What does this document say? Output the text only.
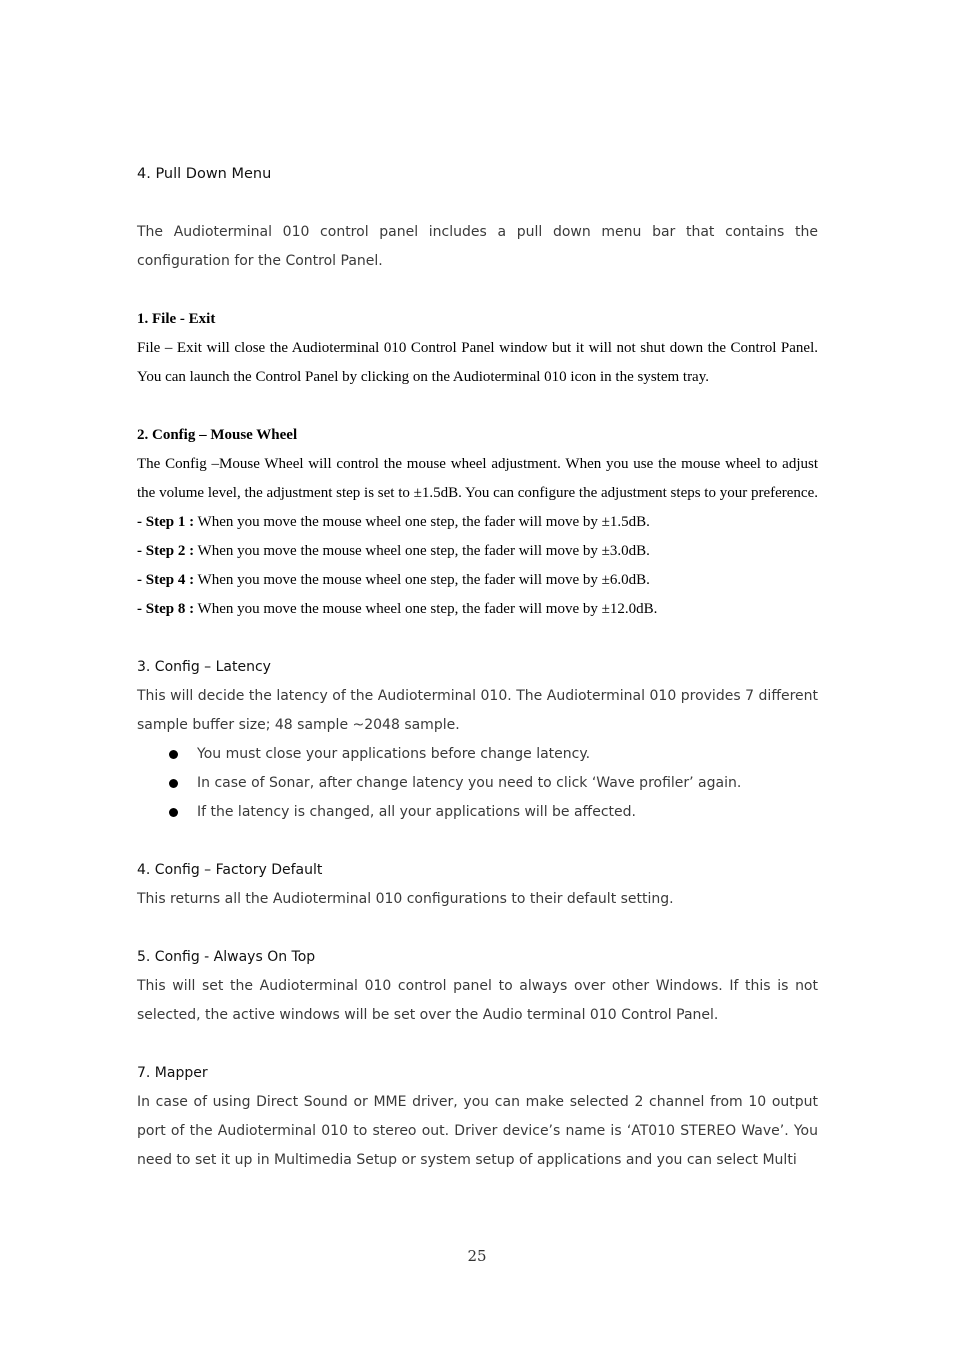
4. Pull Down Menu

The Audioterminal 010 control panel includes a pull down menu bar that contains the configuration for the Control Panel.

1. File - Exit

File – Exit will close the Audioterminal 010 Control Panel window but it will not shut down the Control Panel. You can launch the Control Panel by clicking on the Audioterminal 010 icon in the system tray.

2. Config – Mouse Wheel

The Config –Mouse Wheel will control the mouse wheel adjustment. When you use the mouse wheel to adjust the volume level, the adjustment step is set to ±1.5dB. You can configure the adjustment steps to your preference.

- Step 1 : When you move the mouse wheel one step, the fader will move by ±1.5dB.

- Step 2 : When you move the mouse wheel one step, the fader will move by ±3.0dB.

- Step 4 : When you move the mouse wheel one step, the fader will move by ±6.0dB.

- Step 8 : When you move the mouse wheel one step, the fader will move by ±12.0dB.

3. Config – Latency

This will decide the latency of the Audioterminal 010. The Audioterminal 010 provides 7 different sample buffer size; 48 sample ~2048 sample.

You must close your applications before change latency.
In case of Sonar, after change latency you need to click ‘Wave profiler’ again.
If the latency is changed, all your applications will be affected.

4. Config – Factory Default

This returns all the Audioterminal 010 configurations to their default setting.

5. Config - Always On Top

This will set the Audioterminal 010 control panel to always over other Windows. If this is not selected, the active windows will be set over the Audio terminal 010 Control Panel.

7. Mapper

In case of using Direct Sound or MME driver, you can make selected 2 channel from 10 output port of the Audioterminal 010 to stereo out. Driver device’s name is ‘AT010 STEREO Wave’. You need to set it up in Multimedia Setup or system setup of applications and you can select Multi

25
